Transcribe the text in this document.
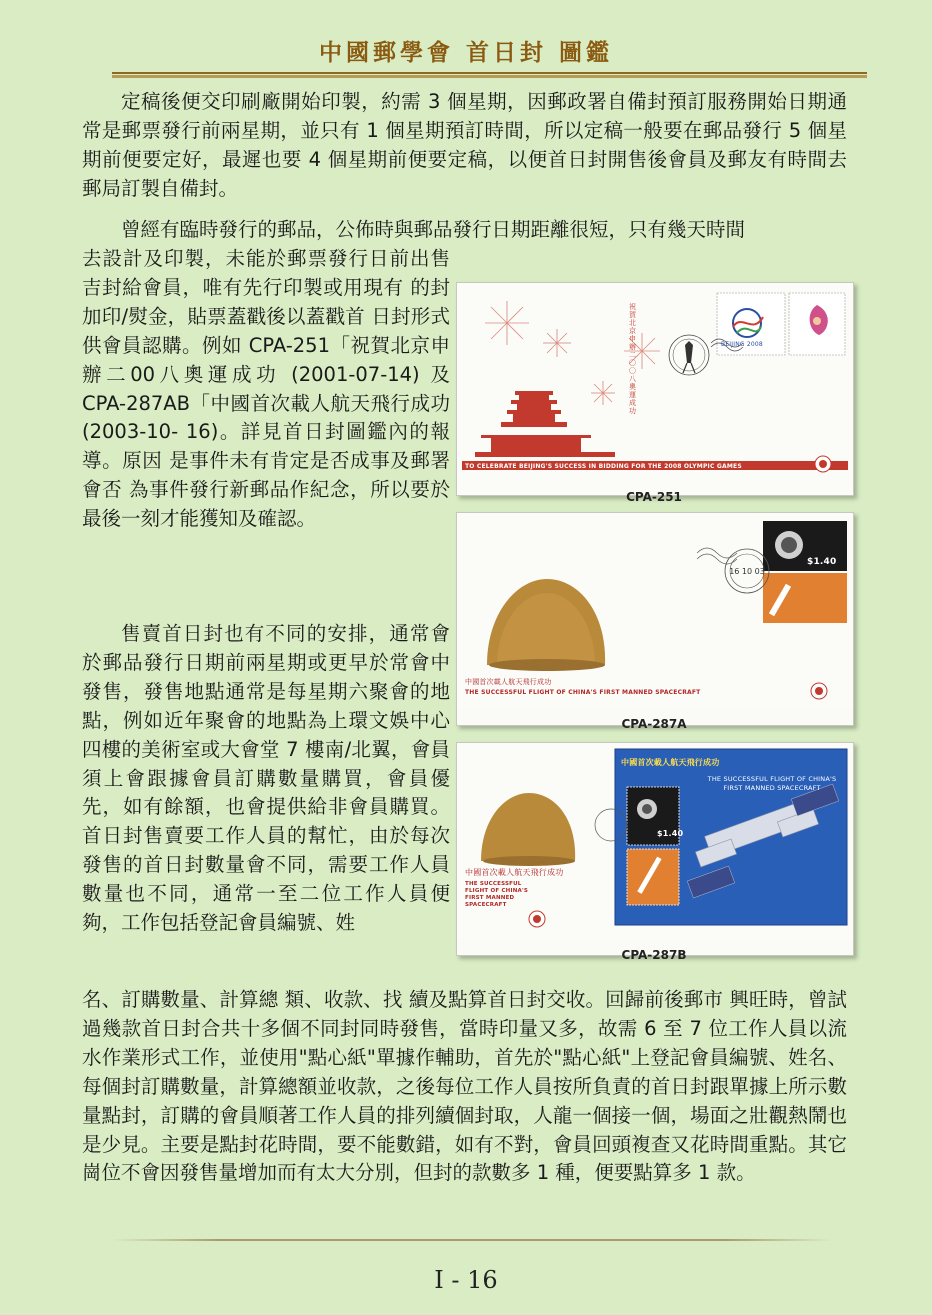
中國郵學會 首日封 圖鑑
定稿後便交印刷廠開始印製，約需 3 個星期，因郵政署自備封預訂服務開始日期通常是郵票發行前兩星期，並只有 1 個星期預訂時間，所以定稿一般要在郵品發行 5 個星期前便要定好，最遲也要 4 個星期前便要定稿，以便首日封開售後會員及郵友有時間去郵局訂製自備封。
曾經有臨時發行的郵品，公佈時與郵品發行日期距離很短，只有幾天時間
去設計及印製，未能於郵票發行日前出售吉封給會員，唯有先行印製或用現有 的封加印/熨金，貼票蓋戳後以蓋戳首 日封形式供會員認購。例如 CPA-251「祝賀北京申辦二00八奧運成功 (2001-07-14) 及 CPA-287AB「中國首次載人航天飛行成功 (2003-10- 16)。詳見首日封圖鑑內的報導。原因 是事件未有肯定是否成事及郵署會否 為事件發行新郵品作紀念，所以要於 最後一刻才能獲知及確認。
售賣首日封也有不同的安排，通常會於郵品發行日期前兩星期或更早於常會中發售，發售地點通常是每星期六聚會的地點，例如近年聚會的地點為上環文娛中心四樓的美術室或大會堂 7 樓南/北翼，會員須上會跟據會員訂購數量購買，會員優先，如有餘額，也會提供給非會員購買。首日封售賣要工作人員的幫忙，由於每次發售的首日封數量會不同，需要工作人員數量也不同，通常一至二位工作人員便夠，工作包括登記會員編號、姓
名、訂購數量、計算總 類、收款、找 續及點算首日封交收。回歸前後郵市 興旺時，曾試過幾款首日封合共十多個不同封同時發售，當時印量又多，故需 6 至 7 位工作人員以流水作業形式工作，並使用"點心紙"單據作輔助，首先於"點心紙"上登記會員編號、姓名、每個封訂購數量，計算總額並收款，之後每位工作人員按所負責的首日封跟單據上所示數量點封，訂購的會員順著工作人員的排列續個封取，人龍一個接一個，場面之壯觀熱鬧也是少見。主要是點封花時間，要不能數錯，如有不對，會員回頭複查又花時間重點。其它崗位不會因發售量增加而有太大分別，但封的款數多 1 種，便要點算多 1 款。
TO CELEBRATE BEIJING'S SUCCESS IN BIDDING FOR THE 2008 OLYMPIC GAMES
BEIJING 2008
祝賀北京申辦二〇〇八奧運成功
CPA-251
16 10 03
中國首次載人航天飛行成功
THE SUCCESSFUL FLIGHT OF CHINA'S FIRST MANNED SPACECRAFT
$1.40
CPA-287A
中國首次載人航天飛行成功
THE SUCCESSFUL FLIGHT OF CHINA'S FIRST MANNED SPACECRAFT
中國首次載人航天飛行成功
THE SUCCESSFUL FLIGHT OF CHINA'S FIRST MANNED SPACECRAFT
$1.40
CPA-287B
I - 16
